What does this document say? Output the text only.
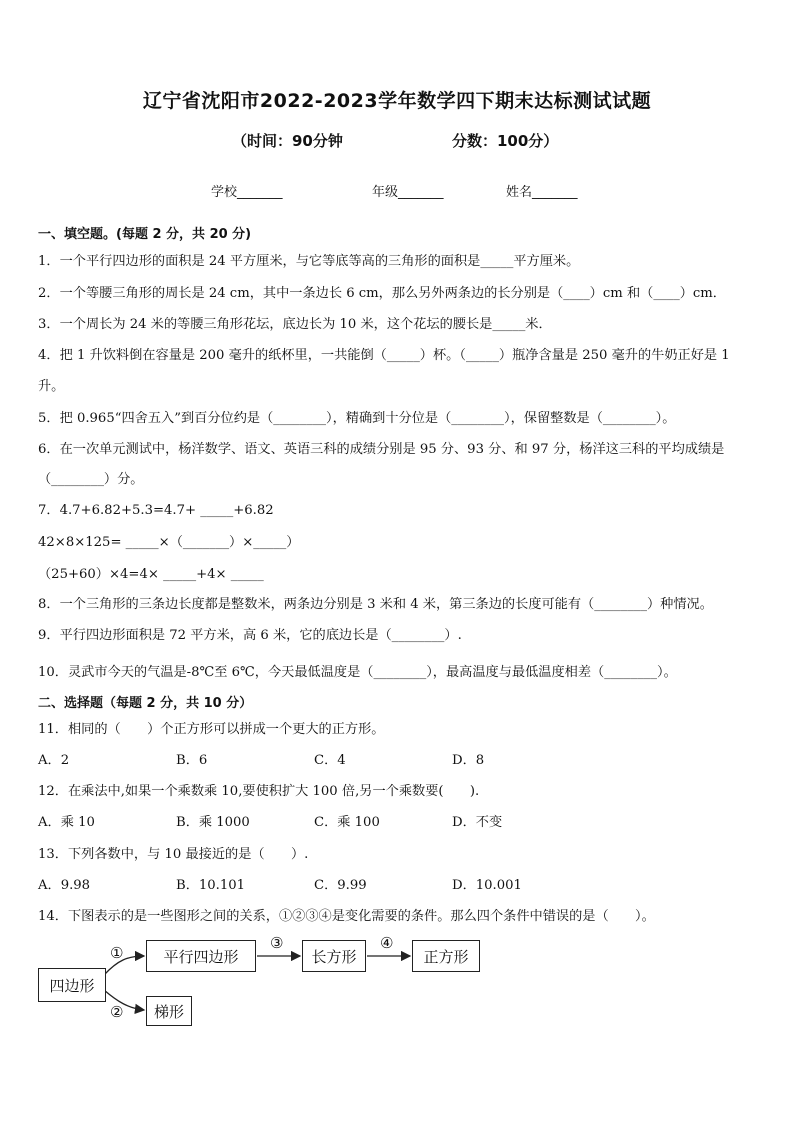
辽宁省沈阳市2022-2023学年数学四下期末达标测试试题
（时间：90分钟	分数：100分）
学校_______	年级_______	姓名_______
一、填空题。(每题 2 分，共 20 分)
1．一个平行四边形的面积是 24 平方厘米，与它等底等高的三角形的面积是_____平方厘米。
2．一个等腰三角形的周长是 24 cm，其中一条边长 6 cm，那么另外两条边的长分别是（____）cm 和（____）cm．
3．一个周长为 24 米的等腰三角形花坛，底边长为 10 米，这个花坛的腰长是_____米．
4．把 1 升饮料倒在容量是 200 毫升的纸杯里，一共能倒（_____）杯。（_____）瓶净含量是 250 毫升的牛奶正好是 1
升。
5．把 0.965“四舍五入”到百分位约是（________），精确到十分位是（________），保留整数是（________）。
6．在一次单元测试中，杨洋数学、语文、英语三科的成绩分别是 95 分、93 分、和 97 分，杨洋这三科的平均成绩是
（________）分。
7．4.7+6.82+5.3=4.7+ _____+6.82
42×8×125= _____×（_______）×_____）
（25+60）×4=4× _____+4× _____
8．一个三角形的三条边长度都是整数米，两条边分别是 3 米和 4 米，第三条边的长度可能有（________）种情况。
9．平行四边形面积是 72 平方米，高 6 米，它的底边长是（________）.
10．灵武市今天的气温是-8℃至 6℃，今天最低温度是（________），最高温度与最低温度相差（________）。
二、选择题（每题 2 分，共 10 分）
11．相同的（　　）个正方形可以拼成一个更大的正方形。
A．2	B．6	C．4	D．8
12．在乘法中,如果一个乘数乘 10,要使积扩大 100 倍,另一个乘数要(　　).
A．乘 10	B．乘 1000	C．乘 100	D．不变
13．下列各数中，与 10 最接近的是（　　）.
A．9.98	B．10.101	C．9.99	D．10.001
14．下图表示的是一些图形之间的关系，①②③④是变化需要的条件。那么四个条件中错误的是（　　）。
四边形
平行四边形	长方形	正方形
梯形
①
②
③	④
